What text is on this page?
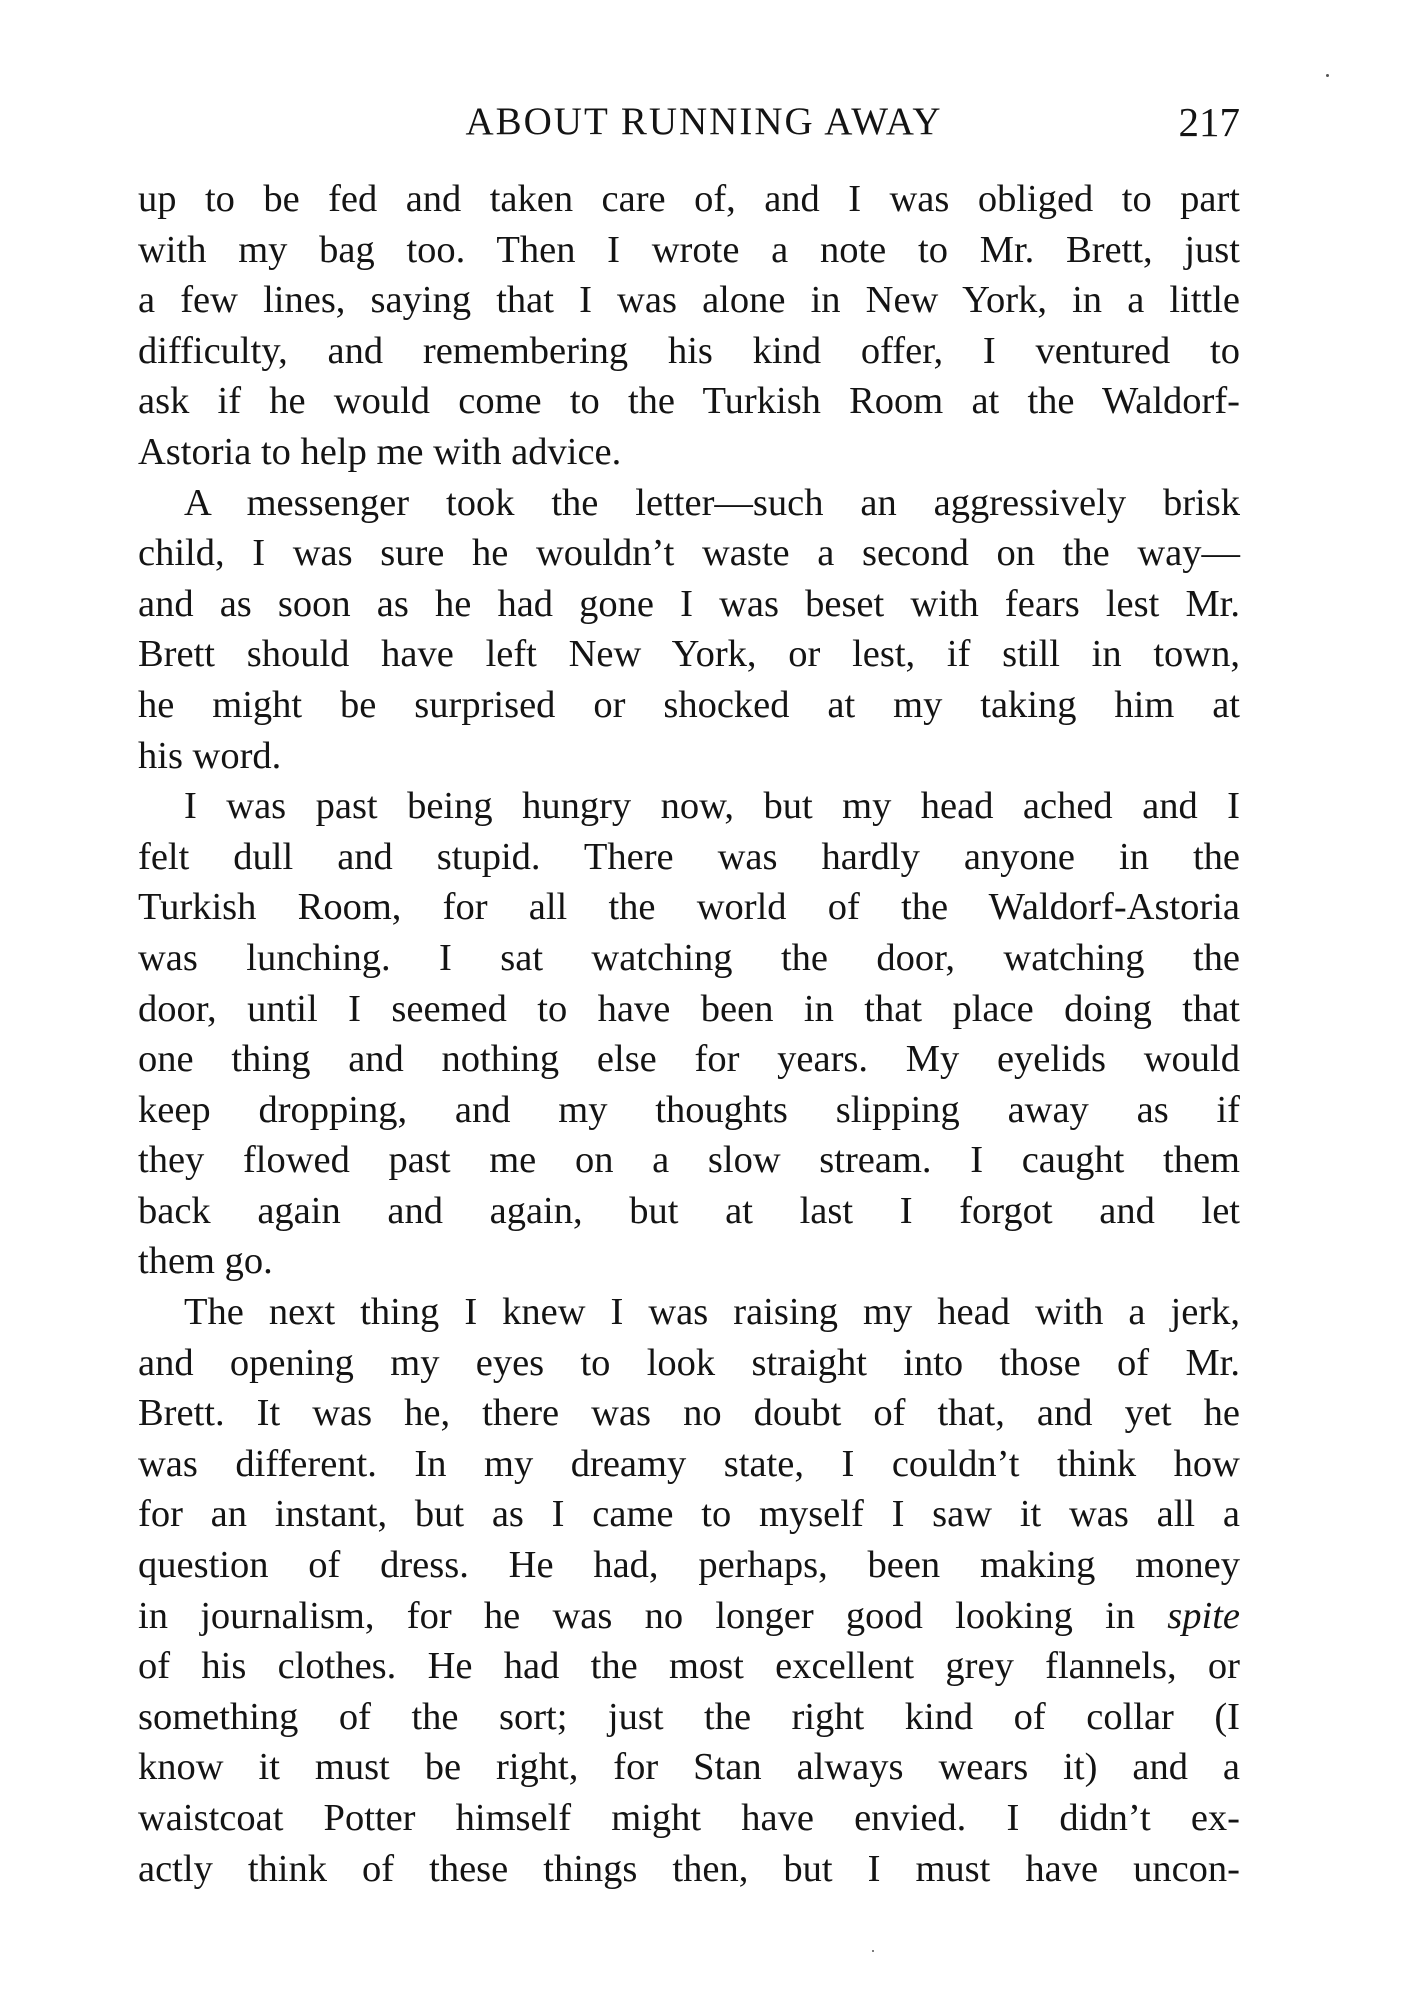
ABOUT RUNNING AWAY	217

up to be fed and taken care of, and I was obliged to part
with my bag too. Then I wrote a note to Mr. Brett, just
a few lines, saying that I was alone in New York, in a little
difficulty, and remembering his kind offer, I ventured to
ask if he would come to the Turkish Room at the Waldorf-
Astoria to help me with advice.

A messenger took the letter—such an aggressively brisk
child, I was sure he wouldn’t waste a second on the way—
and as soon as he had gone I was beset with fears lest Mr.
Brett should have left New York, or lest, if still in town,
he might be surprised or shocked at my taking him at
his word.

I was past being hungry now, but my head ached and I
felt dull and stupid. There was hardly anyone in the
Turkish Room, for all the world of the Waldorf-Astoria
was lunching. I sat watching the door, watching the
door, until I seemed to have been in that place doing that
one thing and nothing else for years. My eyelids would
keep dropping, and my thoughts slipping away as if
they flowed past me on a slow stream. I caught them
back again and again, but at last I forgot and let
them go.

The next thing I knew I was raising my head with a jerk,
and opening my eyes to look straight into those of Mr.
Brett. It was he, there was no doubt of that, and yet he
was different. In my dreamy state, I couldn’t think how
for an instant, but as I came to myself I saw it was all a
question of dress. He had, perhaps, been making money
in journalism, for he was no longer good looking in spite
of his clothes. He had the most excellent grey flannels, or
something of the sort; just the right kind of collar (I
know it must be right, for Stan always wears it) and a
waistcoat Potter himself might have envied. I didn’t ex-
actly think of these things then, but I must have uncon-
